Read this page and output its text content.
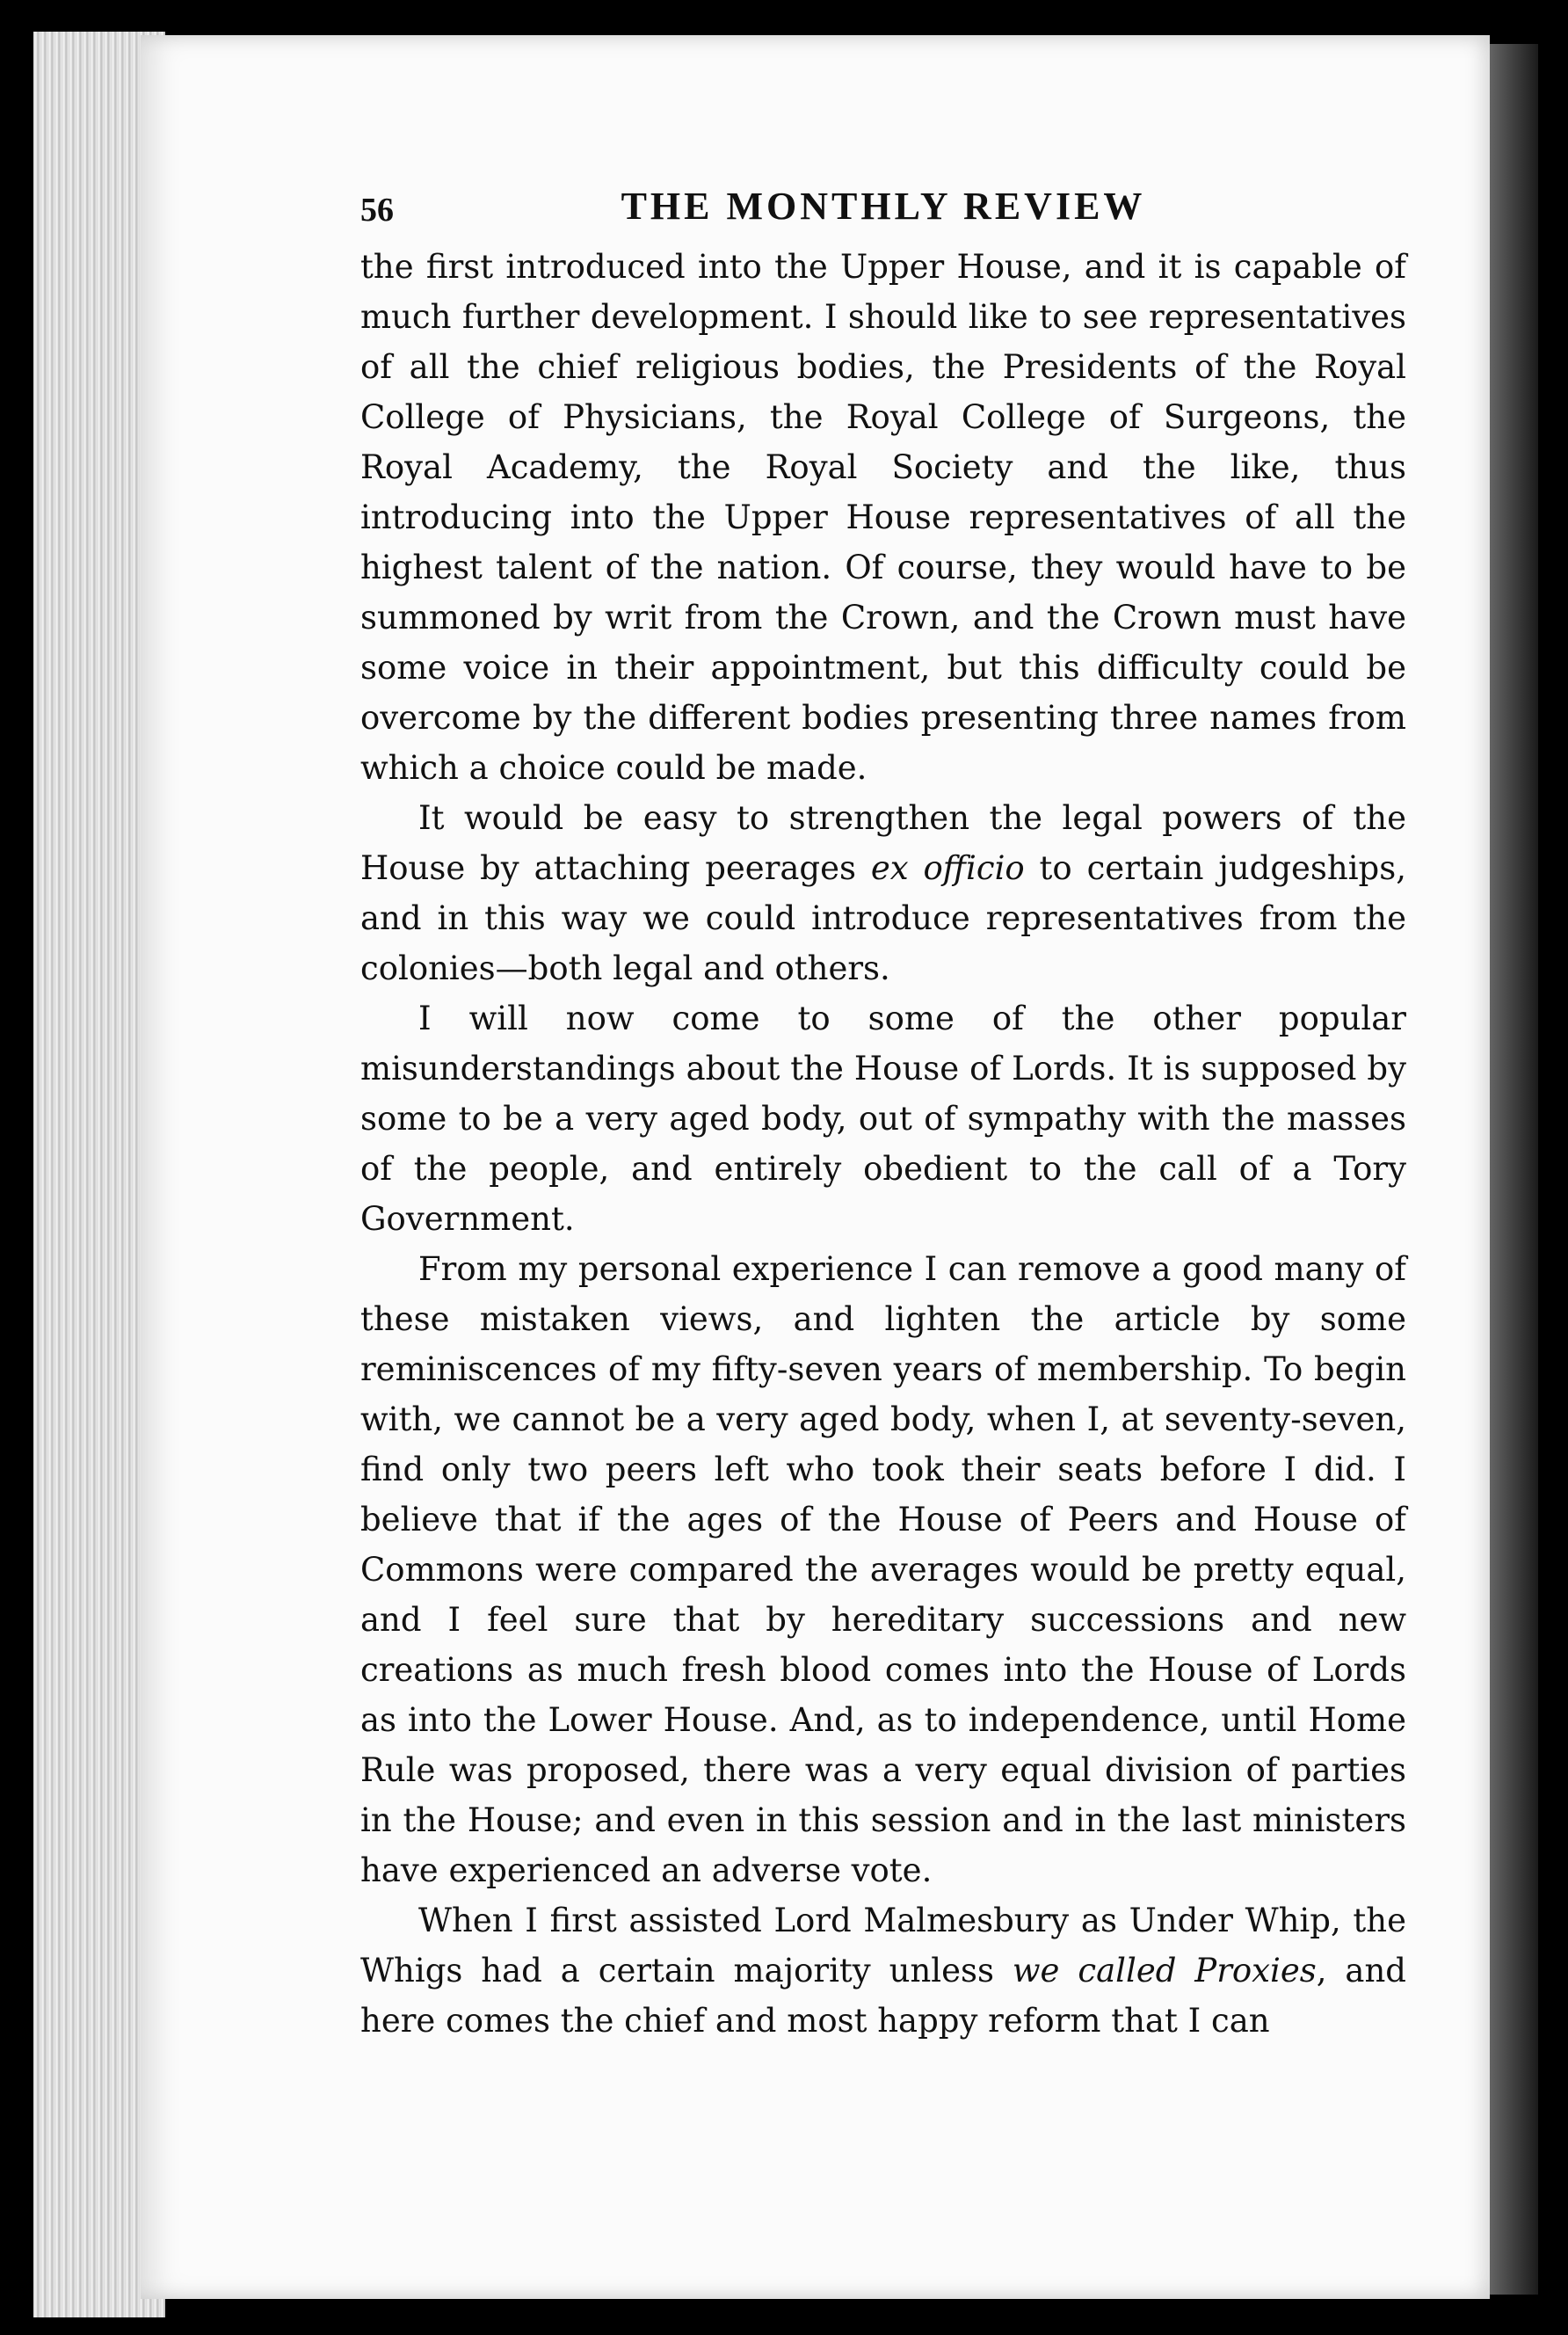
56	THE MONTHLY REVIEW

the first introduced into the Upper House, and it is capable of much further development. I should like to see representatives of all the chief religious bodies, the Presidents of the Royal College of Physicians, the Royal College of Surgeons, the Royal Academy, the Royal Society and the like, thus introducing into the Upper House representatives of all the highest talent of the nation. Of course, they would have to be summoned by writ from the Crown, and the Crown must have some voice in their appointment, but this difficulty could be overcome by the different bodies presenting three names from which a choice could be made.

It would be easy to strengthen the legal powers of the House by attaching peerages ex officio to certain judgeships, and in this way we could introduce representatives from the colonies—both legal and others.

I will now come to some of the other popular misunderstandings about the House of Lords. It is supposed by some to be a very aged body, out of sympathy with the masses of the people, and entirely obedient to the call of a Tory Government.

From my personal experience I can remove a good many of these mistaken views, and lighten the article by some reminiscences of my fifty-seven years of membership. To begin with, we cannot be a very aged body, when I, at seventy-seven, find only two peers left who took their seats before I did. I believe that if the ages of the House of Peers and House of Commons were compared the averages would be pretty equal, and I feel sure that by hereditary successions and new creations as much fresh blood comes into the House of Lords as into the Lower House. And, as to independence, until Home Rule was proposed, there was a very equal division of parties in the House; and even in this session and in the last ministers have experienced an adverse vote.

When I first assisted Lord Malmesbury as Under Whip, the Whigs had a certain majority unless we called Proxies, and here comes the chief and most happy reform that I can
